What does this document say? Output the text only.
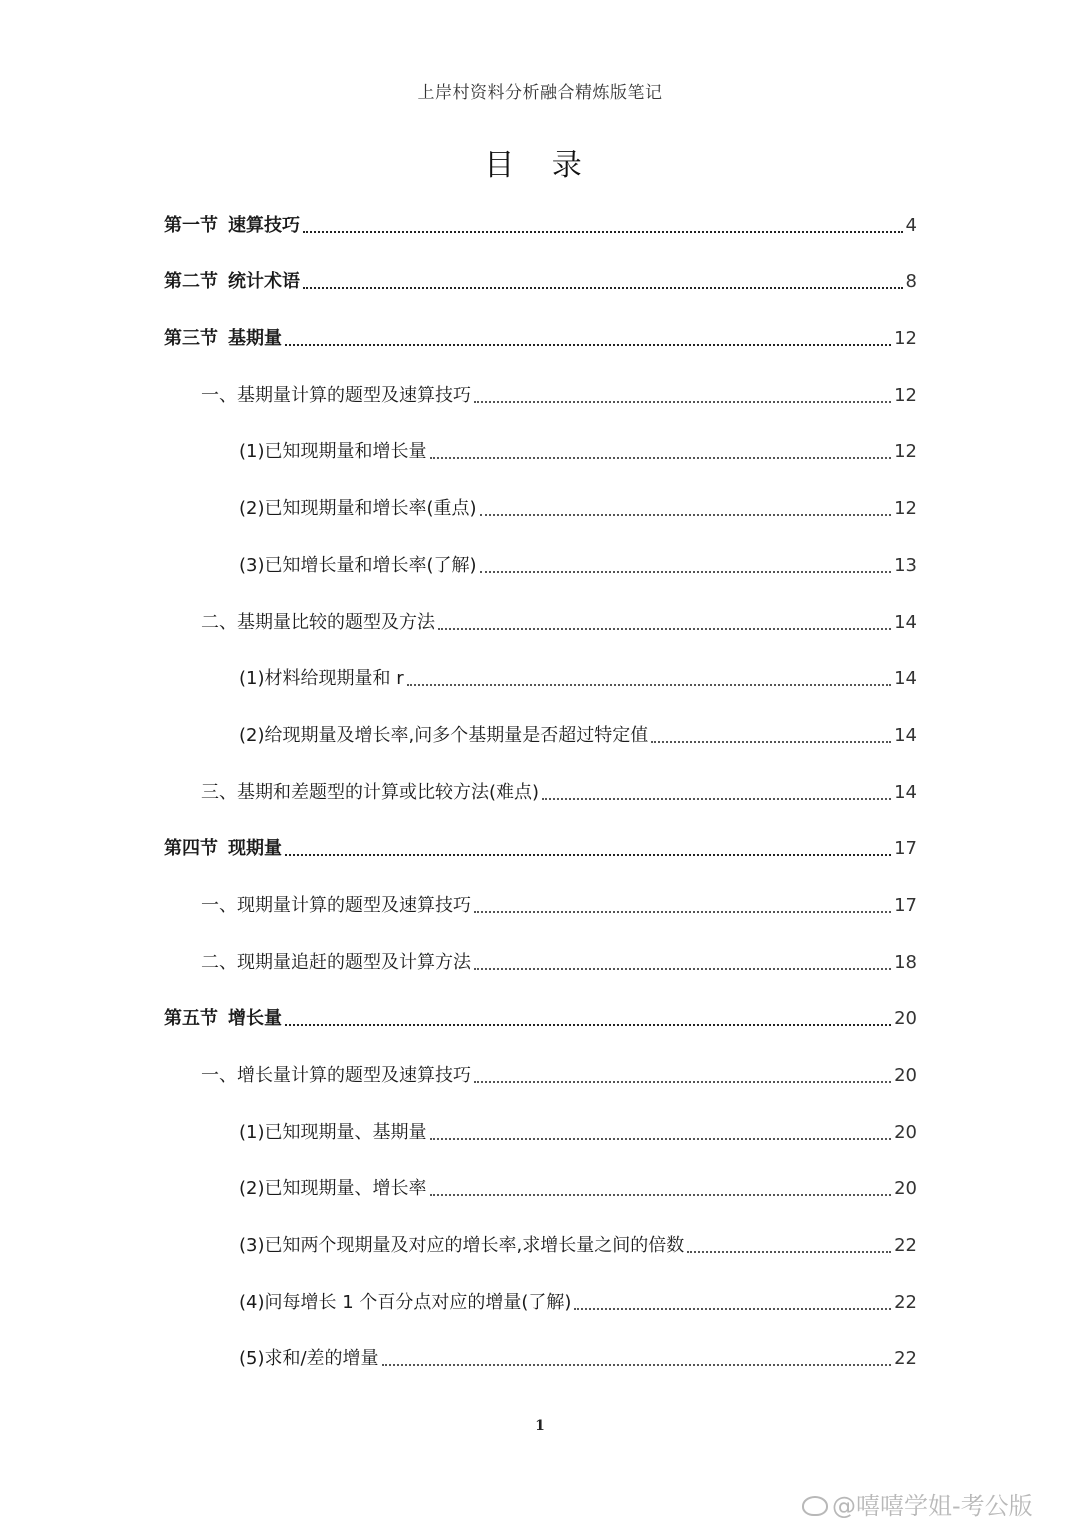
上岸村资料分析融合精炼版笔记
目 录
第一节 速算技巧	4
第二节 统计术语	8
第三节 基期量	12
一、基期量计算的题型及速算技巧	12
(1)已知现期量和增长量	12
(2)已知现期量和增长率(重点)	12
(3)已知增长量和增长率(了解)	13
二、基期量比较的题型及方法	14
(1)材料给现期量和 r	14
(2)给现期量及增长率,问多个基期量是否超过特定值	14
三、基期和差题型的计算或比较方法(难点)	14
第四节 现期量	17
一、现期量计算的题型及速算技巧	17
二、现期量追赶的题型及计算方法	18
第五节 增长量	20
一、增长量计算的题型及速算技巧	20
(1)已知现期量、基期量	20
(2)已知现期量、增长率	20
(3)已知两个现期量及对应的增长率,求增长量之间的倍数	22
(4)问每增长 1 个百分点对应的增量(了解)	22
(5)求和/差的增量	22
1
@嘻嘻学姐-考公版
